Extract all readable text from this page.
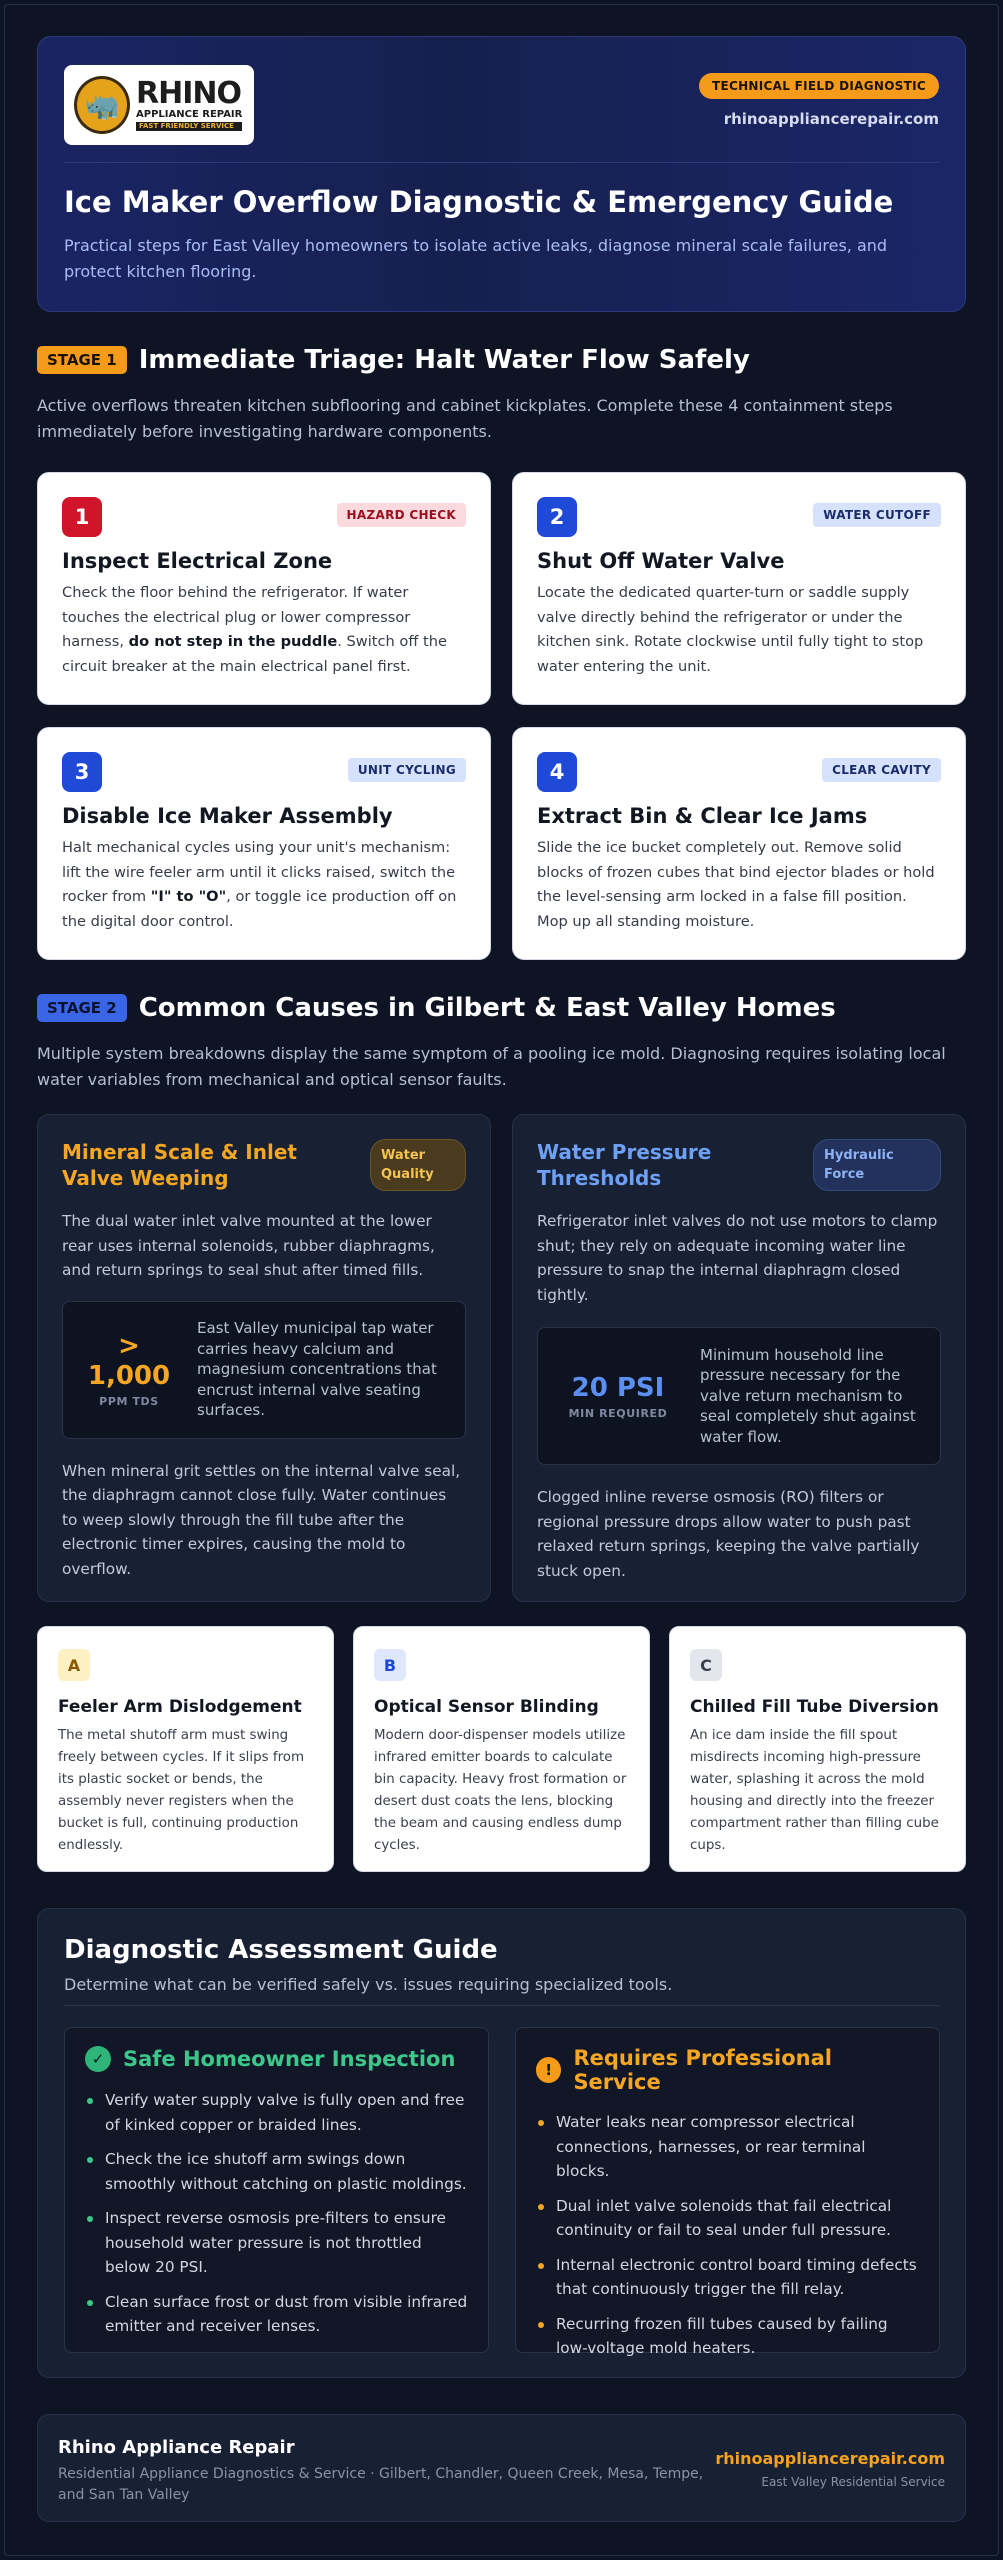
🦏 RHINO
APPLIANCE REPAIR
FAST FRIENDLY SERVICE
TECHNICAL FIELD DIAGNOSTIC
rhinoappliancerepair.com
Ice Maker Overflow Diagnostic & Emergency Guide

Practical steps for East Valley homeowners to isolate active leaks, diagnose mineral scale failures, and protect kitchen flooring.

STAGE 1 Immediate Triage: Halt Water Flow Safely

Active overflows threaten kitchen subflooring and cabinet kickplates. Complete these 4 containment steps immediately before investigating hardware components.

1	HAZARD CHECK
Inspect Electrical Zone

Check the floor behind the refrigerator. If water touches the electrical plug or lower compressor harness, do not step in the puddle. Switch off the circuit breaker at the main electrical panel first.

2	WATER CUTOFF
Shut Off Water Valve

Locate the dedicated quarter-turn or saddle supply valve directly behind the refrigerator or under the kitchen sink. Rotate clockwise until fully tight to stop water entering the unit.

3	UNIT CYCLING
Disable Ice Maker Assembly

Halt mechanical cycles using your unit's mechanism: lift the wire feeler arm until it clicks raised, switch the rocker from "I" to "O", or toggle ice production off on the digital door control.

4	CLEAR CAVITY
Extract Bin & Clear Ice Jams

Slide the ice bucket completely out. Remove solid blocks of frozen cubes that bind ejector blades or hold the level-sensing arm locked in a false fill position. Mop up all standing moisture.

STAGE 2 Common Causes in Gilbert & East Valley Homes

Multiple system breakdowns display the same symptom of a pooling ice mold. Diagnosing requires isolating local water variables from mechanical and optical sensor faults.

Mineral Scale & Inlet Valve Weeping
Water Quality

The dual water inlet valve mounted at the lower rear uses internal solenoids, rubber diaphragms, and return springs to seal shut after timed fills.

>
1,000
PPM TDS

East Valley municipal tap water carries heavy calcium and magnesium concentrations that encrust internal valve seating surfaces.

When mineral grit settles on the internal valve seal, the diaphragm cannot close fully. Water continues to weep slowly through the fill tube after the electronic timer expires, causing the mold to overflow.

Water Pressure Thresholds
Hydraulic Force

Refrigerator inlet valves do not use motors to clamp shut; they rely on adequate incoming water line pressure to snap the internal diaphragm closed tightly.

20 PSI
MIN REQUIRED

Minimum household line pressure necessary for the valve return mechanism to seal completely shut against water flow.

Clogged inline reverse osmosis (RO) filters or regional pressure drops allow water to push past relaxed return springs, keeping the valve partially stuck open.

A
Feeler Arm Dislodgement

The metal shutoff arm must swing freely between cycles. If it slips from its plastic socket or bends, the assembly never registers when the bucket is full, continuing production endlessly.

B
Optical Sensor Blinding

Modern door-dispenser models utilize infrared emitter boards to calculate bin capacity. Heavy frost formation or desert dust coats the lens, blocking the beam and causing endless dump cycles.

C
Chilled Fill Tube Diversion

An ice dam inside the fill spout misdirects incoming high-pressure water, splashing it across the mold housing and directly into the freezer compartment rather than filling cube cups.

Diagnostic Assessment Guide
Determine what can be verified safely vs. issues requiring specialized tools.
✓ Safe Homeowner Inspection
Verify water supply valve is fully open and free of kinked copper or braided lines.
Check the ice shutoff arm swings down smoothly without catching on plastic moldings.
Inspect reverse osmosis pre-filters to ensure household water pressure is not throttled below 20 PSI.
Clean surface frost or dust from visible infrared emitter and receiver lenses.
!	Requires Professional Service
Water leaks near compressor electrical connections, harnesses, or rear terminal blocks.
Dual inlet valve solenoids that fail electrical continuity or fail to seal under full pressure.
Internal electronic control board timing defects that continuously trigger the fill relay.
Recurring frozen fill tubes caused by failing low-voltage mold heaters.
Rhino Appliance Repair
Residential Appliance Diagnostics & Service · Gilbert, Chandler, Queen Creek, Mesa, Tempe, and San Tan Valley
rhinoappliancerepair.com
East Valley Residential Service
